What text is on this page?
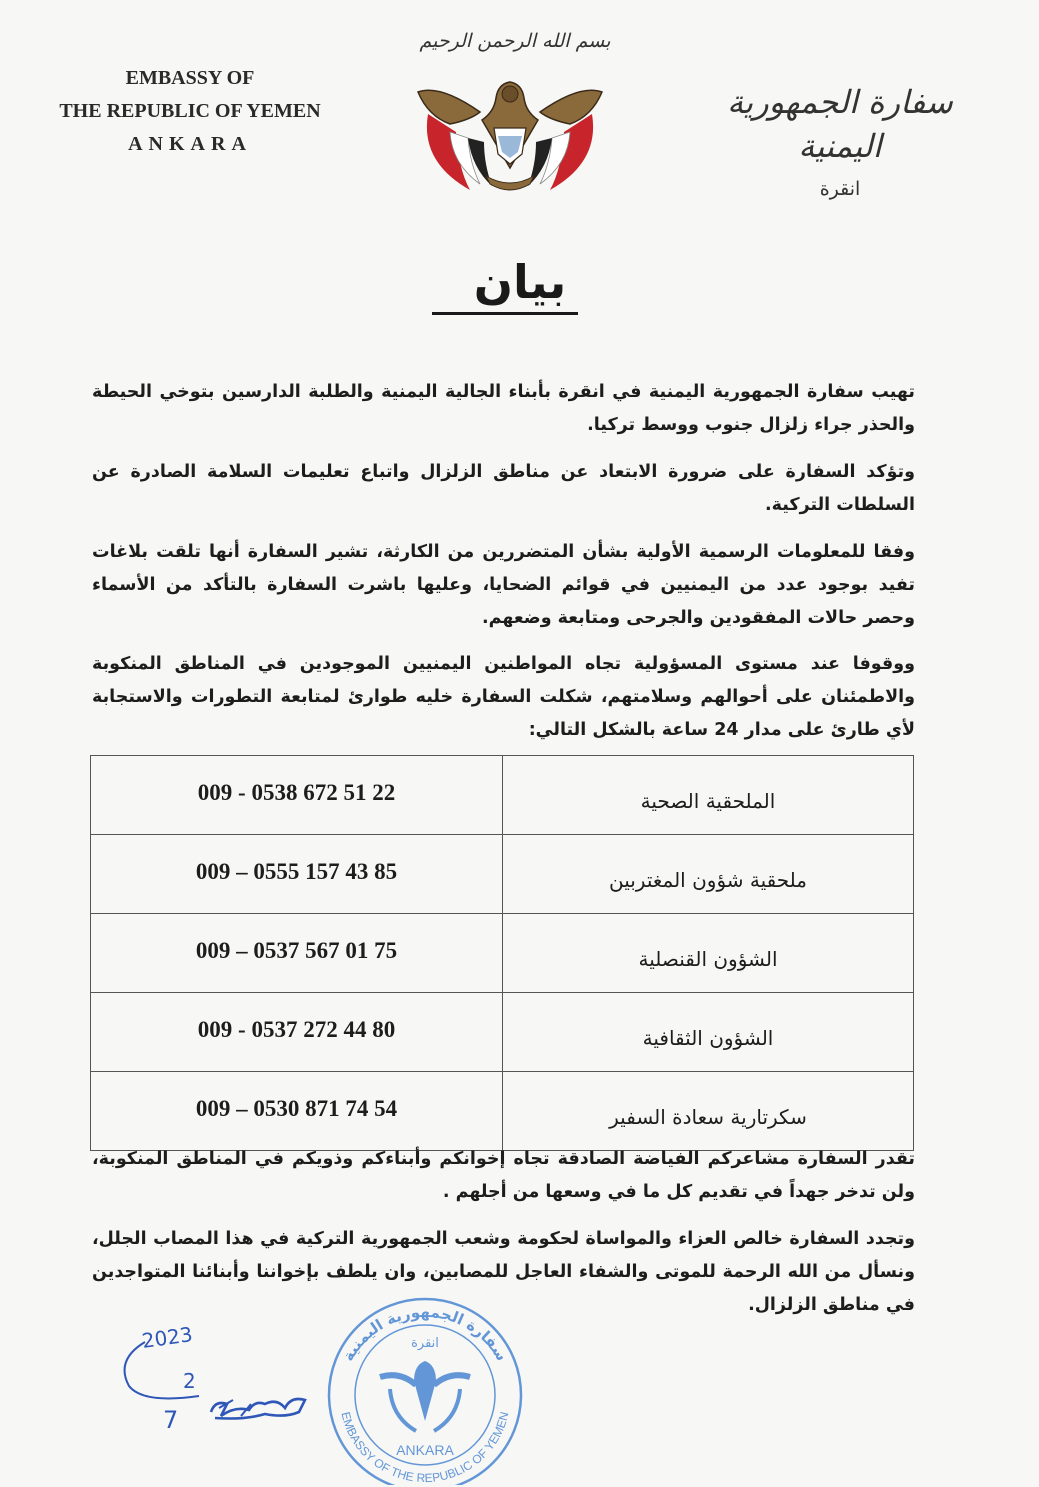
EMBASSY OF
THE REPUBLIC OF YEMEN
ANKARA
بسم الله الرحمن الرحيم
سفارة الجمهورية اليمنية
انقرة
بيان
تهيب سفارة الجمهورية اليمنية في انقرة بأبناء الجالية اليمنية والطلبة الدارسين بتوخي الحيطة والحذر جراء زلزال جنوب ووسط تركيا.
وتؤكد السفارة على ضرورة الابتعاد عن مناطق الزلزال واتباع تعليمات السلامة الصادرة عن السلطات التركية.
وفقا للمعلومات الرسمية الأولية بشأن المتضررين من الكارثة، تشير السفارة أنها تلقت بلاغات تفيد بوجود عدد من اليمنيين في قوائم الضحايا، وعليها باشرت السفارة بالتأكد من الأسماء وحصر حالات المفقودين والجرحى ومتابعة وضعهم.
ووقوفا عند مستوى المسؤولية تجاه المواطنين اليمنيين الموجودين في المناطق المنكوبة والاطمئنان على أحوالهم وسلامتهم، شكلت السفارة خليه طوارئ لمتابعة التطورات والاستجابة لأي طارئ على مدار 24 ساعة بالشكل التالي:
009 - 0538 672 51 22	الملحقية الصحية
009 – 0555 157 43 85	ملحقية شؤون المغتربين
009 – 0537 567 01 75	الشؤون القنصلية
009 - 0537 272 44 80	الشؤون الثقافية
009 – 0530 871 74 54	سكرتارية سعادة السفير
تقدر السفارة مشاعركم الفياضة الصادقة تجاه إخوانكم وأبناءكم وذويكم في المناطق المنكوبة، ولن تدخر جهداً في تقديم كل ما في وسعها من أجلهم .
وتجدد السفارة خالص العزاء والمواساة لحكومة وشعب الجمهورية التركية في هذا المصاب الجلل، ونسأل من الله الرحمة للموتى والشفاء العاجل للمصابين، وان يلطف بإخواننا وأبنائنا المتواجدين في مناطق الزلزال.
سفارة الجمهورية اليمنية
EMBASSY OF THE REPUBLIC OF YEMEN
انقرة
ANKARA
2023
2
7
